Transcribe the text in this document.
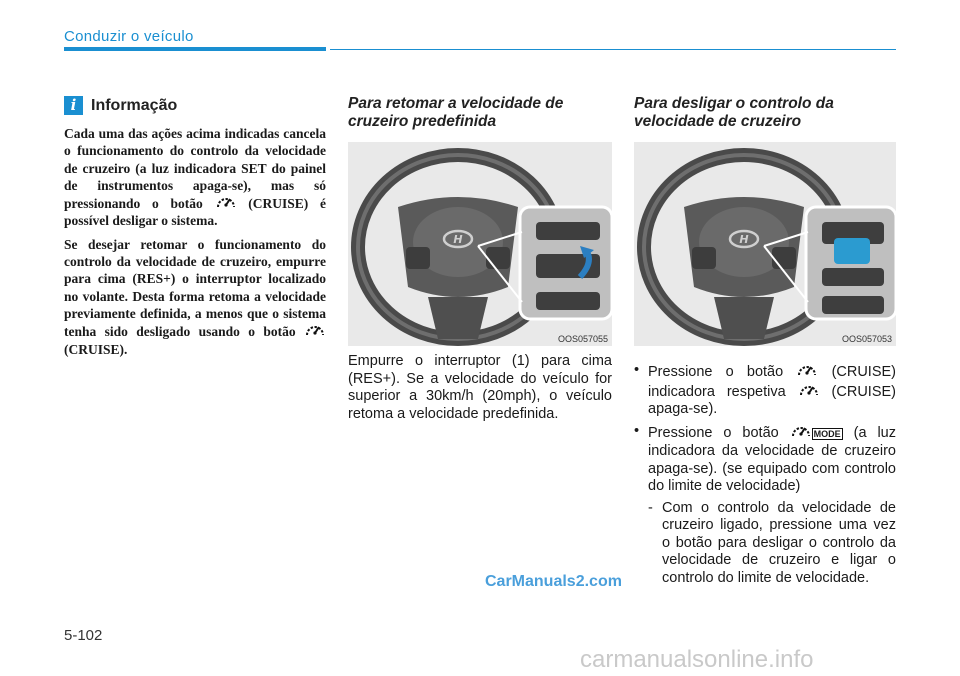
Conduzir o veículo
i Informação

Cada uma das ações acima indicadas cancela o funcionamento do controlo da velocidade de cruzeiro (a luz indicadora SET do painel de instrumentos apaga-se), mas só pressionando o botão	(CRUISE) é possível desligar o sistema.

Se desejar retomar o funcionamento do controlo da velocidade de cruzeiro, empurre para cima (RES+) o interruptor localizado no volante. Desta forma retoma a velocidade previamente definida, a menos que o sistema tenha sido desligado usando o botão  (CRUISE).

Para retomar a velocidade de cruzeiro predefinida
OOS057055

Empurre o interruptor (1) para cima (RES+). Se a velocidade do veículo for superior a 30km/h (20mph), o veículo retoma a velocidade predefinida.

Para desligar o controlo da velocidade de cruzeiro
OOS057053
• Pressione o botão	(CRUISE) indicadora respetiva	(CRUISE) apaga-se).
• Pressione o botão	MODE (a luz indicadora da velocidade de cruzeiro apaga-se). (se equipado com controlo do limite de velocidade)
- Com o controlo da velocidade de cruzeiro ligado, pressione uma vez o botão para desligar o controlo da velocidade de cruzeiro e ligar o controlo do limite de velocidade.
CarManuals2.com
5-102
carmanualsonline.info
